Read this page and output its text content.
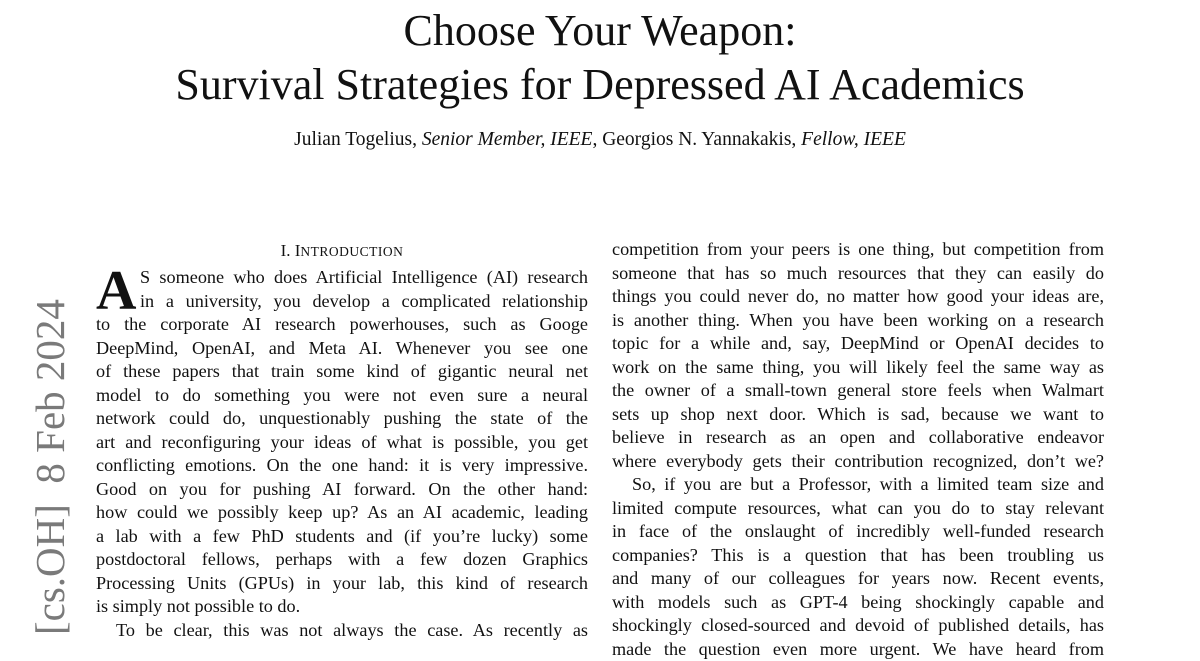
Choose Your Weapon:
Survival Strategies for Depressed AI Academics
Julian Togelius, Senior Member, IEEE, Georgios N. Yannakakis, Fellow, IEEE
[cs.OH]  8 Feb 2024
I. INTRODUCTION
A S someone who does Artificial Intelligence (AI) research
in a university, you develop a complicated relationship
to the corporate AI research powerhouses, such as Googe
DeepMind, OpenAI, and Meta AI. Whenever you see one
of these papers that train some kind of gigantic neural net
model to do something you were not even sure a neural
network could do, unquestionably pushing the state of the
art and reconfiguring your ideas of what is possible, you get
conflicting emotions. On the one hand: it is very impressive.
Good on you for pushing AI forward. On the other hand:
how could we possibly keep up? As an AI academic, leading
a lab with a few PhD students and (if you’re lucky) some
postdoctoral fellows, perhaps with a few dozen Graphics
Processing Units (GPUs) in your lab, this kind of research
is simply not possible to do.
To be clear, this was not always the case. As recently as
competition from your peers is one thing, but competition from
someone that has so much resources that they can easily do
things you could never do, no matter how good your ideas are,
is another thing. When you have been working on a research
topic for a while and, say, DeepMind or OpenAI decides to
work on the same thing, you will likely feel the same way as
the owner of a small-town general store feels when Walmart
sets up shop next door. Which is sad, because we want to
believe in research as an open and collaborative endeavor
where everybody gets their contribution recognized, don’t we?
So, if you are but a Professor, with a limited team size and
limited compute resources, what can you do to stay relevant
in face of the onslaught of incredibly well-funded research
companies? This is a question that has been troubling us
and many of our colleagues for years now. Recent events,
with models such as GPT-4 being shockingly capable and
shockingly closed-sourced and devoid of published details, has
made the question even more urgent. We have heard from
